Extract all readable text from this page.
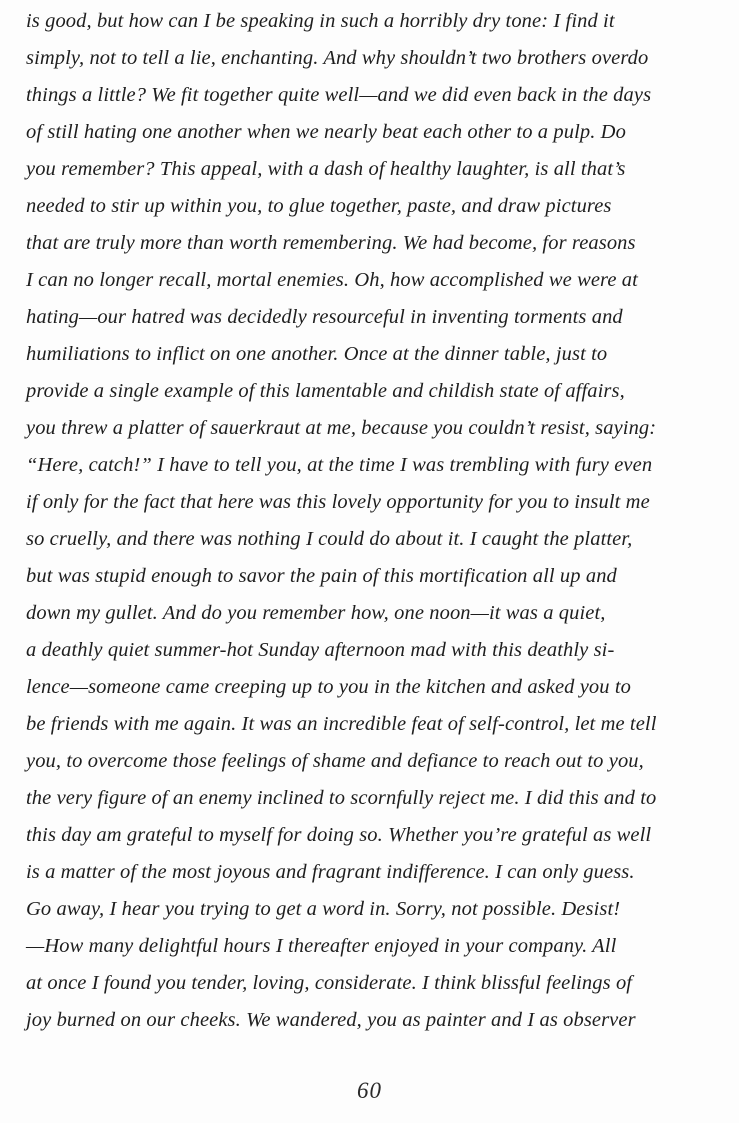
is good, but how can I be speaking in such a horribly dry tone: I find it
simply, not to tell a lie, enchanting. And why shouldn’t two brothers overdo
things a little? We fit together quite well—and we did even back in the days
of still hating one another when we nearly beat each other to a pulp. Do
you remember? This appeal, with a dash of healthy laughter, is all that’s
needed to stir up within you, to glue together, paste, and draw pictures
that are truly more than worth remembering. We had become, for reasons
I can no longer recall, mortal enemies. Oh, how accomplished we were at
hating—our hatred was decidedly resourceful in inventing torments and
humiliations to inflict on one another. Once at the dinner table, just to
provide a single example of this lamentable and childish state of affairs,
you threw a platter of sauerkraut at me, because you couldn’t resist, saying:
“Here, catch!” I have to tell you, at the time I was trembling with fury even
if only for the fact that here was this lovely opportunity for you to insult me
so cruelly, and there was nothing I could do about it. I caught the platter,
but was stupid enough to savor the pain of this mortification all up and
down my gullet. And do you remember how, one noon—it was a quiet,
a deathly quiet summer-hot Sunday afternoon mad with this deathly si-
lence—someone came creeping up to you in the kitchen and asked you to
be friends with me again. It was an incredible feat of self-control, let me tell
you, to overcome those feelings of shame and defiance to reach out to you,
the very figure of an enemy inclined to scornfully reject me. I did this and to
this day am grateful to myself for doing so. Whether you’re grateful as well
is a matter of the most joyous and fragrant indifference. I can only guess.
Go away, I hear you trying to get a word in. Sorry, not possible. Desist!
—How many delightful hours I thereafter enjoyed in your company. All
at once I found you tender, loving, considerate. I think blissful feelings of
joy burned on our cheeks. We wandered, you as painter and I as observer
60
